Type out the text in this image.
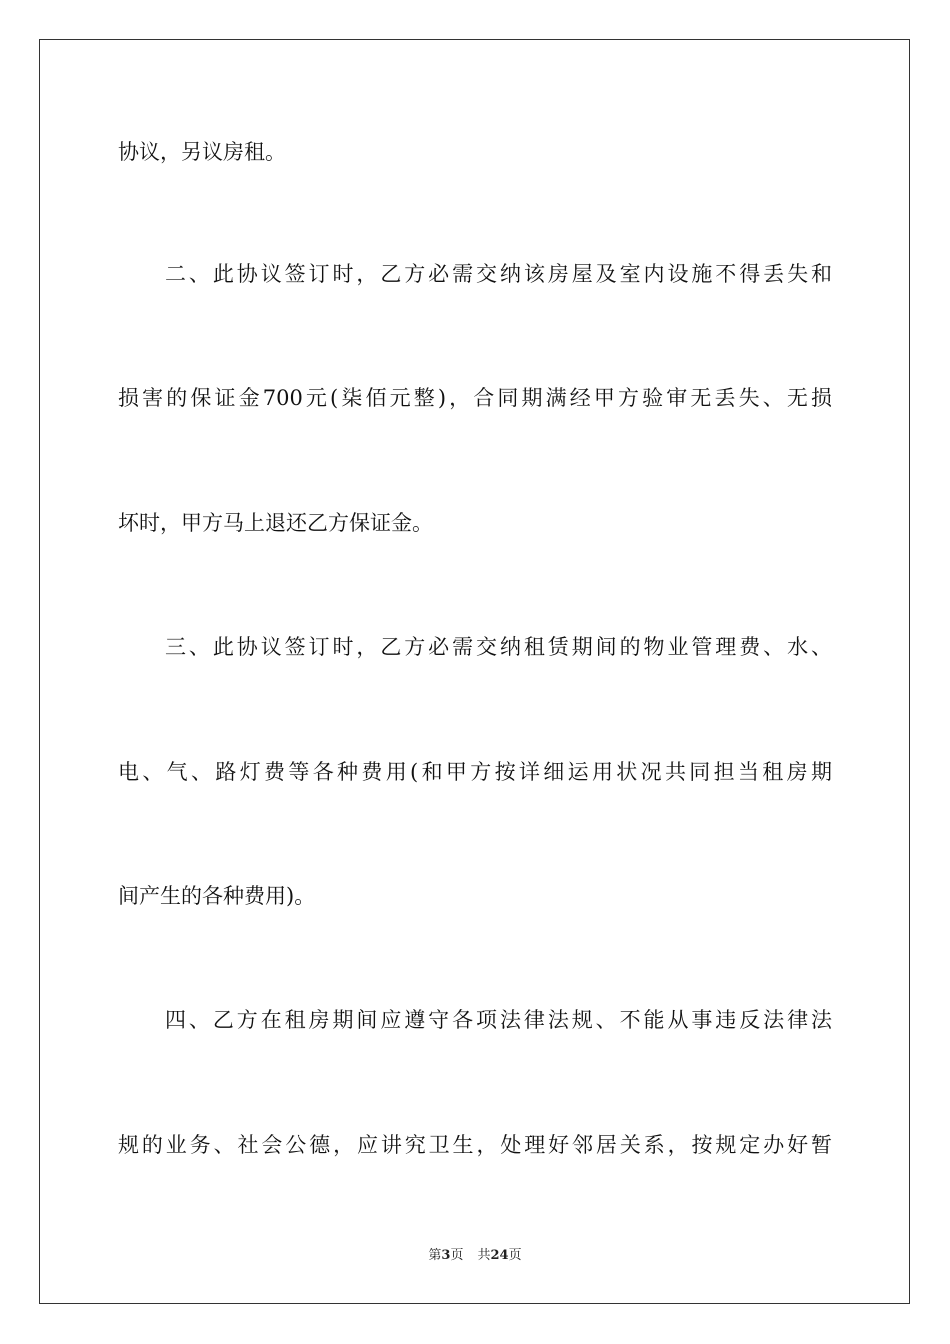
协议，另议房租。
二、此协议签订时，乙方必需交纳该房屋及室内设施不得丢失和
损害的保证金700元(柒佰元整)，合同期满经甲方验审无丢失、无损
坏时，甲方马上退还乙方保证金。
三、此协议签订时，乙方必需交纳租赁期间的物业管理费、水、
电、气、路灯费等各种费用(和甲方按详细运用状况共同担当租房期
间产生的各种费用)。
四、乙方在租房期间应遵守各项法律法规、不能从事违反法律法
规的业务、社会公德，应讲究卫生，处理好邻居关系，按规定办好暂
第3页 共24页
